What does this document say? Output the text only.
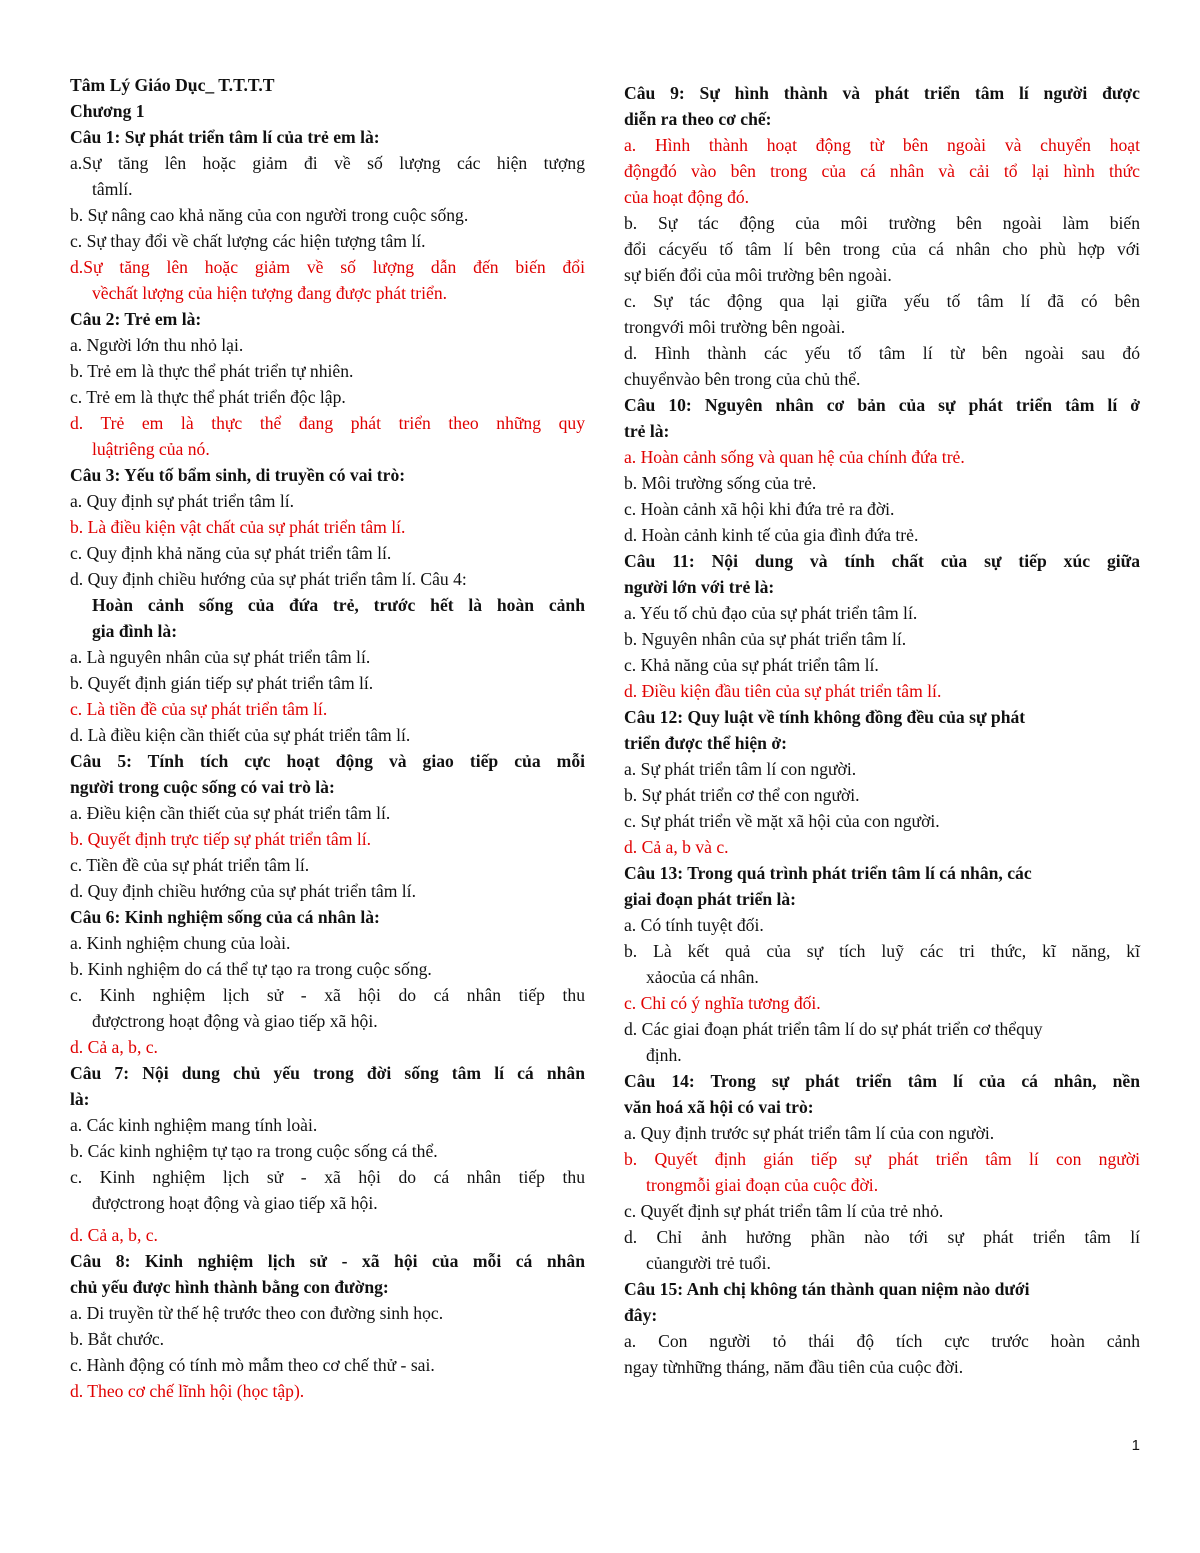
Tâm Lý Giáo Dục_ T.T.T.T
Chương 1
Câu 1: Sự phát triển tâm lí của trẻ em là:
a.Sự tăng lên hoặc giảm đi về số lượng các hiện tượng
tâmlí.
b. Sự nâng cao khả năng của con người trong cuộc sống.
c. Sự thay đổi về chất lượng các hiện tượng tâm lí.
d.Sự tăng lên hoặc giảm về số lượng dẫn đến biến đổi
vềchất lượng của hiện tượng đang được phát triển.
Câu 2: Trẻ em là:
a. Người lớn thu nhỏ lại.
b. Trẻ em là thực thể phát triển tự nhiên.
c. Trẻ em là thực thể phát triển độc lập.
d. Trẻ em là thực thể đang phát triển theo những quy
luậtriêng của nó.
Câu 3: Yếu tố bẩm sinh, di truyền có vai trò:
a. Quy định sự phát triển tâm lí.
b. Là điều kiện vật chất của sự phát triển tâm lí.
c. Quy định khả năng của sự phát triển tâm lí.
d. Quy định chiều hướng của sự phát triển tâm lí. Câu 4:
Hoàn cảnh sống của đứa trẻ, trước hết là hoàn cảnh
gia đình là:
a. Là nguyên nhân của sự phát triển tâm lí.
b. Quyết định gián tiếp sự phát triển tâm lí.
c. Là tiền đề của sự phát triển tâm lí.
d. Là điều kiện cần thiết của sự phát triển tâm lí.
Câu 5: Tính tích cực hoạt động và giao tiếp của mỗi
người trong cuộc sống có vai trò là:
a. Điều kiện cần thiết của sự phát triển tâm lí.
b. Quyết định trực tiếp sự phát triển tâm lí.
c. Tiền đề của sự phát triển tâm lí.
d. Quy định chiều hướng của sự phát triển tâm lí.
Câu 6: Kinh nghiệm sống của cá nhân là:
a. Kinh nghiệm chung của loài.
b. Kinh nghiệm do cá thể tự tạo ra trong cuộc sống.
c. Kinh nghiệm lịch sử - xã hội do cá nhân tiếp thu
đượctrong hoạt động và giao tiếp xã hội.
d. Cả a, b, c.
Câu 7: Nội dung chủ yếu trong đời sống tâm lí cá nhân
là:
a. Các kinh nghiệm mang tính loài.
b. Các kinh nghiệm tự tạo ra trong cuộc sống cá thể.
c. Kinh nghiệm lịch sử - xã hội do cá nhân tiếp thu
đượctrong hoạt động và giao tiếp xã hội.
d. Cả a, b, c.
Câu 8: Kinh nghiệm lịch sử - xã hội của mỗi cá nhân
chủ yếu được hình thành bằng con đường:
a. Di truyền từ thế hệ trước theo con đường sinh học.
b. Bắt chước.
c. Hành động có tính mò mẫm theo cơ chế thử - sai.
d. Theo cơ chế lĩnh hội (học tập).
Câu 9: Sự hình thành và phát triển tâm lí người được
diễn ra theo cơ chế:
a. Hình thành hoạt động từ bên ngoài và chuyển hoạt
độngđó vào bên trong của cá nhân và cải tổ lại hình thức
của hoạt động đó.
b. Sự tác động của môi trường bên ngoài làm biến
đổi cácyếu tố tâm lí bên trong của cá nhân cho phù hợp với
sự biến đổi của môi trường bên ngoài.
c. Sự tác động qua lại giữa yếu tố tâm lí đã có bên
trongvới môi trường bên ngoài.
d. Hình thành các yếu tố tâm lí từ bên ngoài sau đó
chuyểnvào bên trong của chủ thể.
Câu 10: Nguyên nhân cơ bản của sự phát triển tâm lí ở
trẻ là:
a. Hoàn cảnh sống và quan hệ của chính đứa trẻ.
b. Môi trường sống của trẻ.
c. Hoàn cảnh xã hội khi đứa trẻ ra đời.
d. Hoàn cảnh kinh tế của gia đình đứa trẻ.
Câu 11: Nội dung và tính chất của sự tiếp xúc giữa
người lớn với trẻ là:
a. Yếu tố chủ đạo của sự phát triển tâm lí.
b. Nguyên nhân của sự phát triển tâm lí.
c. Khả năng của sự phát triển tâm lí.
d. Điều kiện đầu tiên của sự phát triển tâm lí.
Câu 12: Quy luật về tính không đồng đều của sự phát
triển được thể hiện ở:
a. Sự phát triển tâm lí con người.
b. Sự phát triển cơ thể con người.
c. Sự phát triển về mặt xã hội của con người.
d. Cả a, b và c.
Câu 13: Trong quá trình phát triển tâm lí cá nhân, các
giai đoạn phát triển là:
a. Có tính tuyệt đối.
b. Là kết quả của sự tích luỹ các tri thức, kĩ năng, kĩ
xảocủa cá nhân.
c. Chỉ có ý nghĩa tương đối.
d. Các giai đoạn phát triển tâm lí do sự phát triển cơ thểquy
định.
Câu 14: Trong sự phát triển tâm lí của cá nhân, nền
văn hoá xã hội có vai trò:
a. Quy định trước sự phát triển tâm lí của con người.
b. Quyết định gián tiếp sự phát triển tâm lí con người
trongmỗi giai đoạn của cuộc đời.
c. Quyết định sự phát triển tâm lí của trẻ nhỏ.
d. Chỉ ảnh hưởng phần nào tới sự phát triển tâm lí
củangười trẻ tuổi.
Câu 15: Anh chị không tán thành quan niệm nào dưới
đây:
a. Con người tỏ thái độ tích cực trước hoàn cảnh
ngay từnhững tháng, năm đầu tiên của cuộc đời.
1
